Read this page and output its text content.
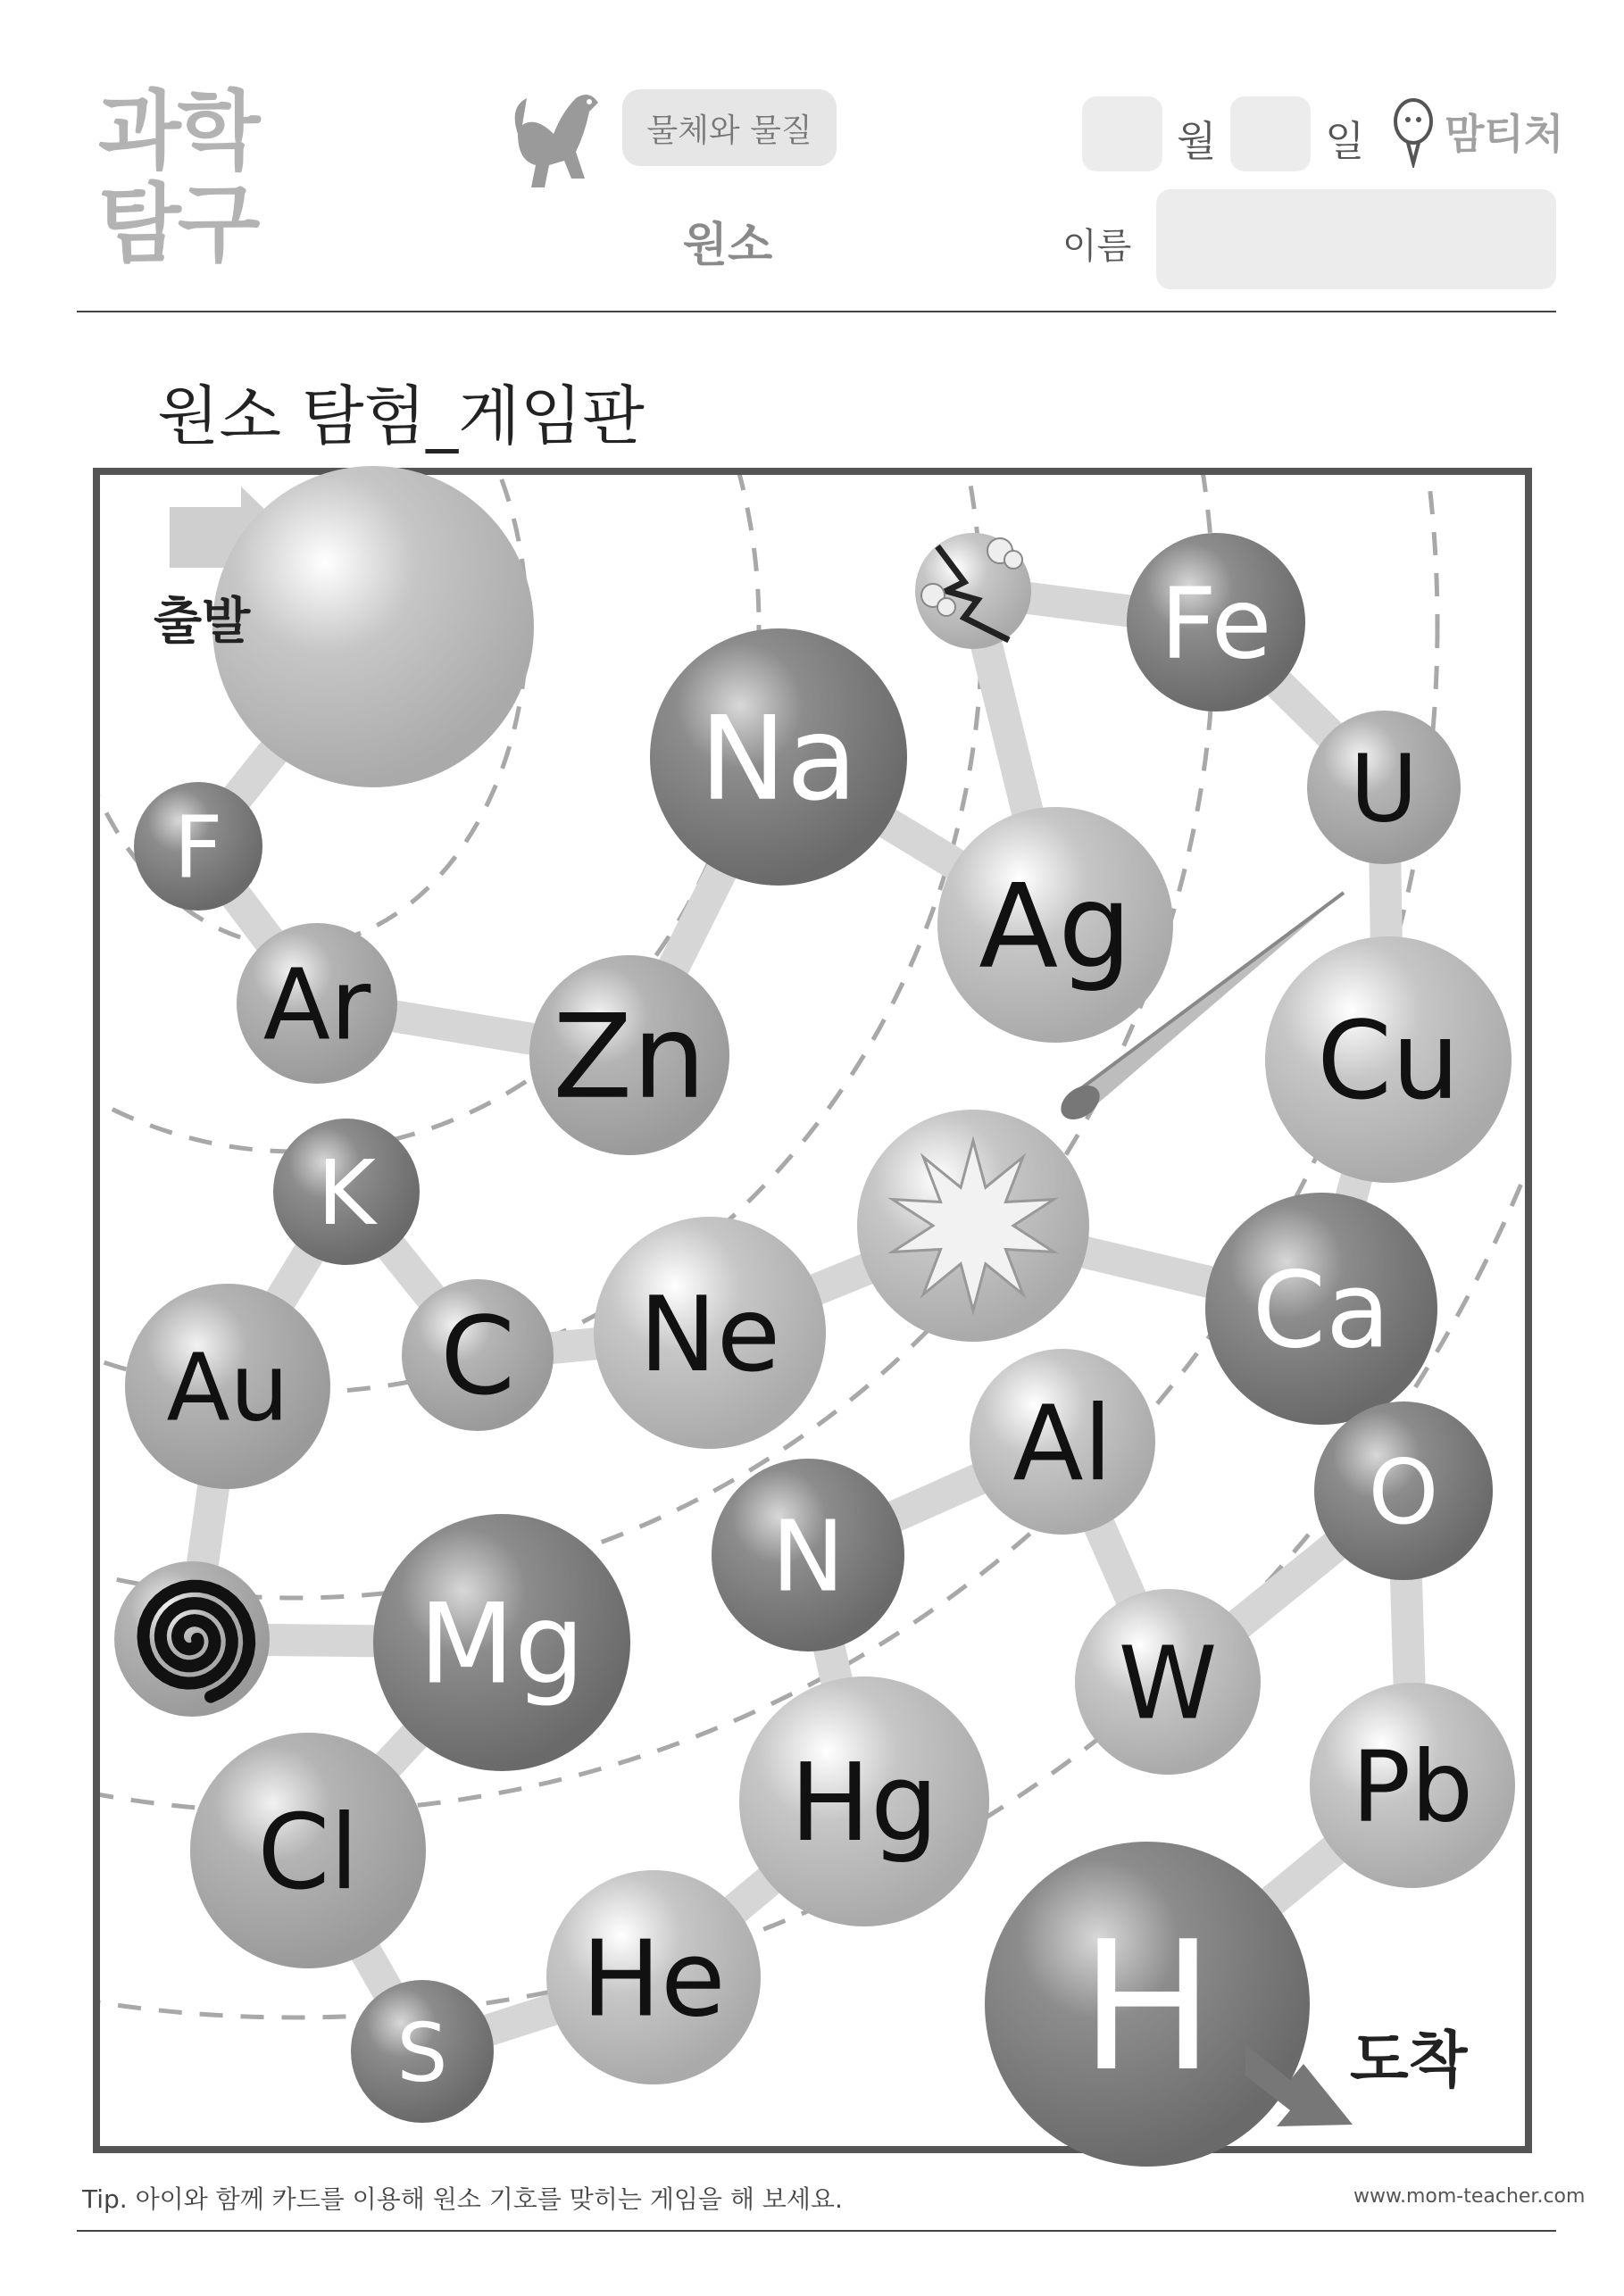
과학
탐구
물체와 물질
원소
월	일 맘티처
이름
원소 탐험_게임판
F
Ar Zn
Na
Ag
Fe
U
Cu
Ca
Ne
C
K
Au
Mg
Cl
S
He
Hg
N
Al
W
O
Pb
H
출발
도착
Tip. 아이와 함께 카드를 이용해 원소 기호를 맞히는 게임을 해 보세요.	www.mom-teacher.com
